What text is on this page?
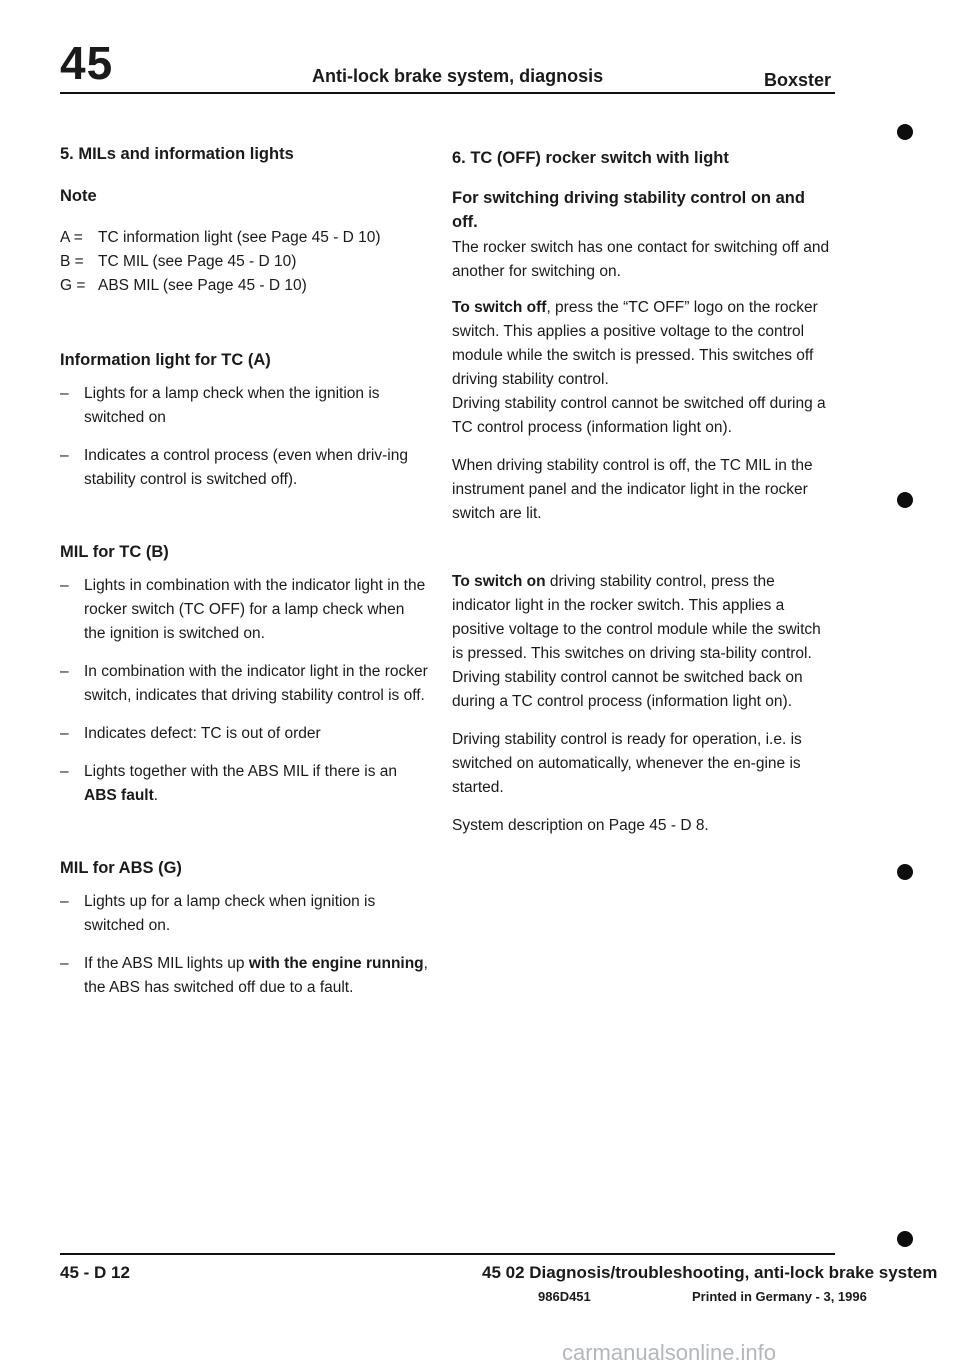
45	Anti-lock brake system, diagnosis	Boxster
5. MILs and information lights
Note
A = TC information light (see Page 45 - D 10)
B = TC MIL (see Page 45 - D 10)
G = ABS MIL (see Page 45 - D 10)
Information light for TC (A)
– Lights for a lamp check when the ignition is switched on
– Indicates a control process (even when driv-ing stability control is switched off).
MIL for TC (B)
– Lights in combination with the indicator light in the rocker switch (TC OFF) for a lamp check when the ignition is switched on.
– In combination with the indicator light in the rocker switch, indicates that driving stability control is off.
– Indicates defect: TC is out of order
– Lights together with the ABS MIL if there is an ABS fault.
MIL for ABS (G)
– Lights up for a lamp check when ignition is switched on.
– If the ABS MIL lights up with the engine running, the ABS has switched off due to a fault.
6. TC (OFF) rocker switch with light
For switching driving stability control on and off.

The rocker switch has one contact for switching off and another for switching on.

To switch off, press the “TC OFF” logo on the rocker switch. This applies a positive voltage to the control module while the switch is pressed. This switches off driving stability control.

Driving stability control cannot be switched off during a TC control process (information light on).

When driving stability control is off, the TC MIL in the instrument panel and the indicator light in the rocker switch are lit.

To switch on driving stability control, press the indicator light in the rocker switch. This applies a positive voltage to the control module while the switch is pressed. This switches on driving sta-bility control.

Driving stability control cannot be switched back on during a TC control process (information light on).

Driving stability control is ready for operation, i.e. is switched on automatically, whenever the en-gine is started.

System description on Page 45 - D 8.

45 - D 12	45 02 Diagnosis/troubleshooting, anti-lock brake system
986D451	Printed in Germany - 3, 1996
carmanualsonline.info
